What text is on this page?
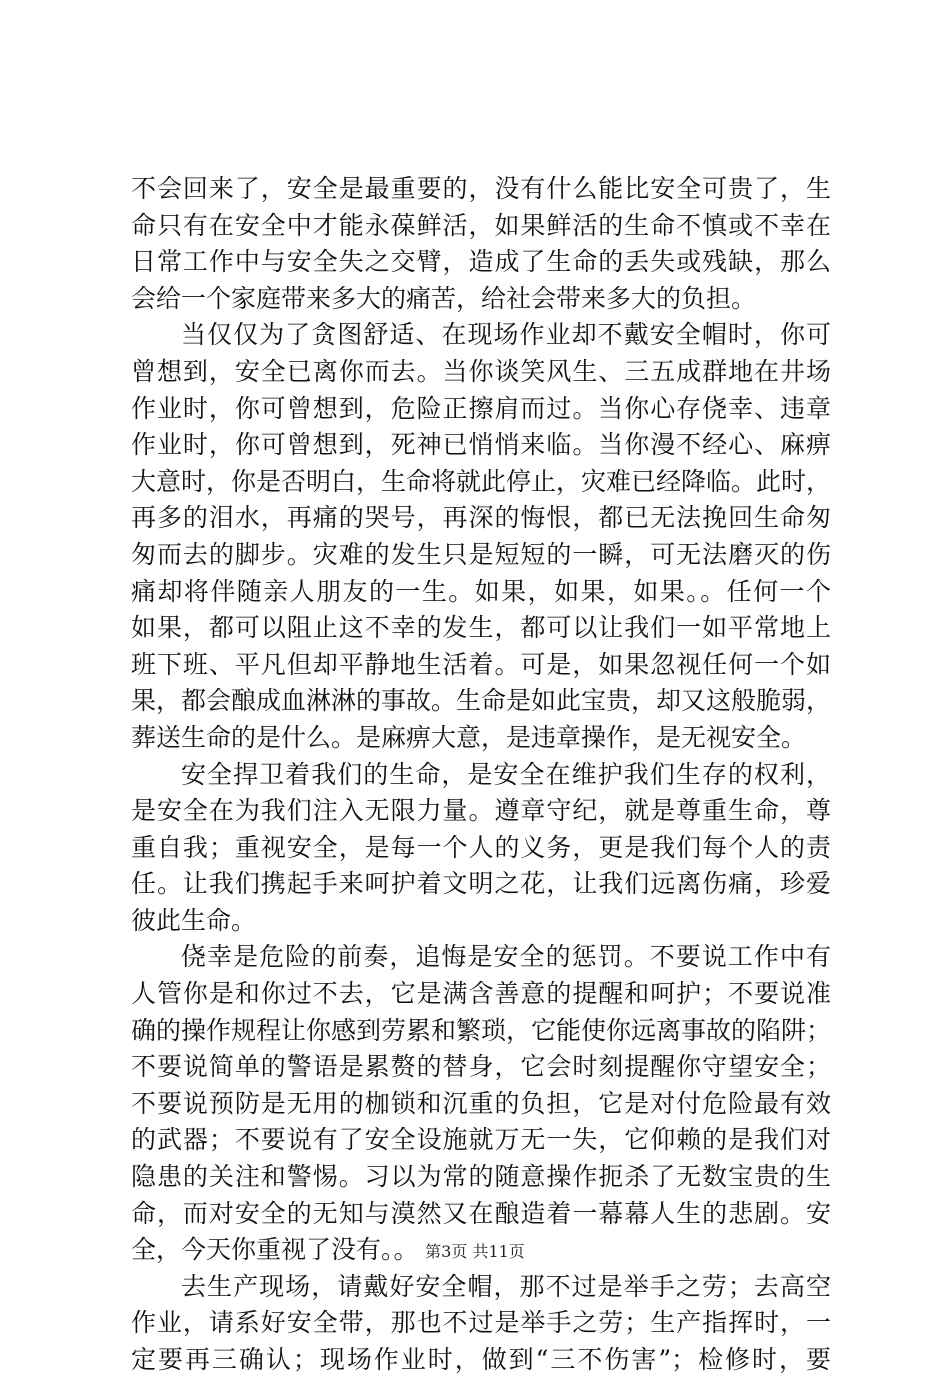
不会回来了，安全是最重要的，没有什么能比安全可贵了，生
命只有在安全中才能永葆鲜活，如果鲜活的生命不慎或不幸在
日常工作中与安全失之交臂，造成了生命的丢失或残缺，那么
会给一个家庭带来多大的痛苦，给社会带来多大的负担。
当仅仅为了贪图舒适、在现场作业却不戴安全帽时，你可
曾想到，安全已离你而去。当你谈笑风生、三五成群地在井场
作业时，你可曾想到，危险正擦肩而过。当你心存侥幸、违章
作业时，你可曾想到，死神已悄悄来临。当你漫不经心、麻痹
大意时，你是否明白，生命将就此停止，灾难已经降临。此时，
再多的泪水，再痛的哭号，再深的悔恨，都已无法挽回生命匆
匆而去的脚步。灾难的发生只是短短的一瞬，可无法磨灭的伤
痛却将伴随亲人朋友的一生。如果，如果，如果。。任何一个
如果，都可以阻止这不幸的发生，都可以让我们一如平常地上
班下班、平凡但却平静地生活着。可是，如果忽视任何一个如
果，都会酿成血淋淋的事故。生命是如此宝贵，却又这般脆弱，
葬送生命的是什么。是麻痹大意，是违章操作，是无视安全。
安全捍卫着我们的生命，是安全在维护我们生存的权利，
是安全在为我们注入无限力量。遵章守纪，就是尊重生命，尊
重自我；重视安全，是每一个人的义务，更是我们每个人的责
任。让我们携起手来呵护着文明之花，让我们远离伤痛，珍爱
彼此生命。
侥幸是危险的前奏，追悔是安全的惩罚。不要说工作中有
人管你是和你过不去，它是满含善意的提醒和呵护；不要说准
确的操作规程让你感到劳累和繁琐，它能使你远离事故的陷阱；
不要说简单的警语是累赘的替身，它会时刻提醒你守望安全；
不要说预防是无用的枷锁和沉重的负担，它是对付危险最有效
的武器；不要说有了安全设施就万无一失，它仰赖的是我们对
隐患的关注和警惕。习以为常的随意操作扼杀了无数宝贵的生
命，而对安全的无知与漠然又在酿造着一幕幕人生的悲剧。安
全，今天你重视了没有。。
去生产现场，请戴好安全帽，那不过是举手之劳；去高空
作业，请系好安全带，那也不过是举手之劳；生产指挥时，一
定要再三确认；现场作业时，做到“三不伤害”；检修时，要
第3页 共11页
